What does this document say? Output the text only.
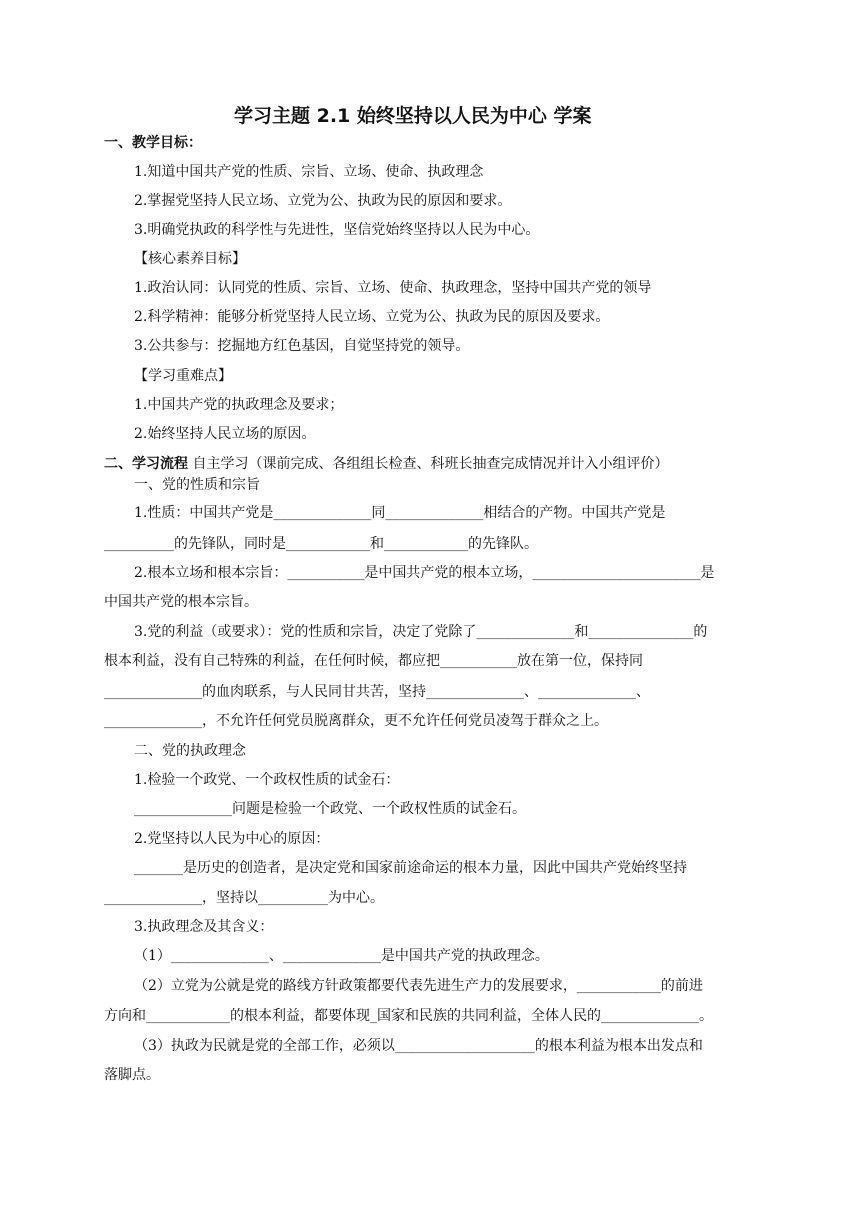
学习主题 2.1 始终坚持以人民为中心 学案
一、教学目标：
1.知道中国共产党的性质、宗旨、立场、使命、执政理念
2.掌握党坚持人民立场、立党为公、执政为民的原因和要求。
3.明确党执政的科学性与先进性，坚信党始终坚持以人民为中心。
【核心素养目标】
1.政治认同：认同党的性质、宗旨、立场、使命、执政理念，坚持中国共产党的领导
2.科学精神：能够分析党坚持人民立场、立党为公、执政为民的原因及要求。
3.公共参与：挖掘地方红色基因，自觉坚持党的领导。
【学习重难点】
1.中国共产党的执政理念及要求；
2.始终坚持人民立场的原因。
二、学习流程 自主学习（课前完成、各组组长检查、科班长抽查完成情况并计入小组评价）
一、党的性质和宗旨
1.性质：中国共产党是______________同______________相结合的产物。中国共产党是
__________的先锋队，同时是____________和____________的先锋队。
2.根本立场和根本宗旨：___________是中国共产党的根本立场，________________________是
中国共产党的根本宗旨。
3.党的利益（或要求）：党的性质和宗旨，决定了党除了______________和_______________的
根本利益，没有自己特殊的利益，在任何时候，都应把___________放在第一位，保持同
______________的血肉联系，与人民同甘共苦，坚持______________、______________、
______________，不允许任何党员脱离群众，更不允许任何党员凌驾于群众之上。
二、党的执政理念
1.检验一个政党、一个政权性质的试金石：
______________问题是检验一个政党、一个政权性质的试金石。
2.党坚持以人民为中心的原因：
_______是历史的创造者，是决定党和国家前途命运的根本力量，因此中国共产党始终坚持
______________，坚持以__________为中心。
3.执政理念及其含义：
（1）______________、______________是中国共产党的执政理念。
（2）立党为公就是党的路线方针政策都要代表先进生产力的发展要求，____________的前进
方向和____________的根本利益，都要体现_国家和民族的共同利益，全体人民的______________。
（3）执政为民就是党的全部工作，必须以____________________的根本利益为根本出发点和
落脚点。
